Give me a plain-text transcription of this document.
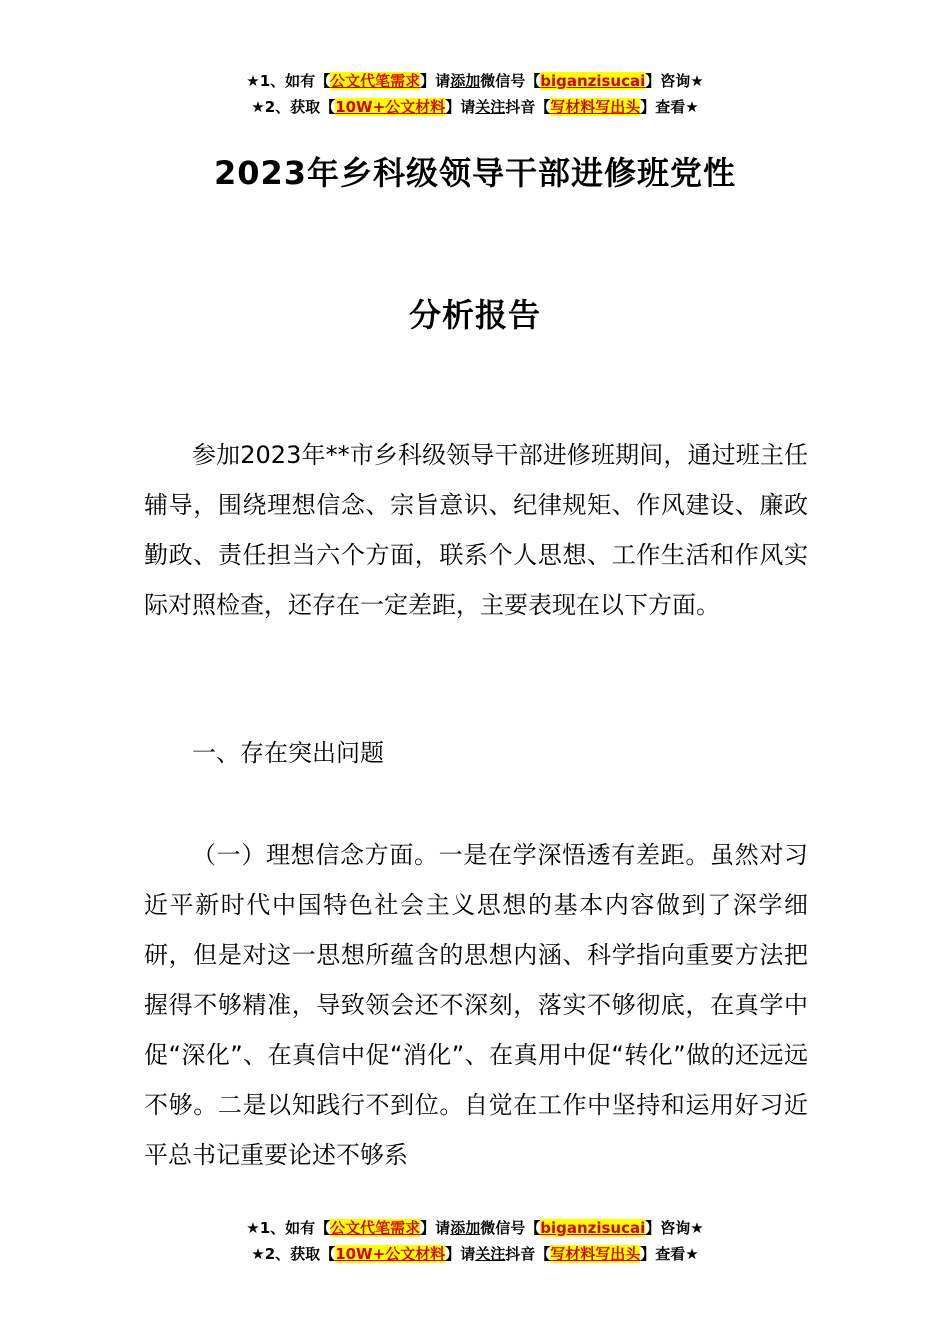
★1、如有【公文代笔需求】请添加微信号【biganzisucai】咨询★
★2、获取【10W+公文材料】请关注抖音【写材料写出头】查看★
2023年乡科级领导干部进修班党性
分析报告

参加2023年**市乡科级领导干部进修班期间，通过班主任辅导，围绕理想信念、宗旨意识、纪律规矩、作风建设、廉政勤政、责任担当六个方面，联系个人思想、工作生活和作风实际对照检查，还存在一定差距，主要表现在以下方面。

一、存在突出问题

（一）理想信念方面。一是在学深悟透有差距。虽然对习近平新时代中国特色社会主义思想的基本内容做到了深学细研，但是对这一思想所蕴含的思想内涵、科学指向重要方法把握得不够精准，导致领会还不深刻，落实不够彻底，在真学中促“深化”、在真信中促“消化”、在真用中促“转化”做的还远远不够。二是以知践行不到位。自觉在工作中坚持和运用好习近平总书记重要论述不够系

★1、如有【公文代笔需求】请添加微信号【biganzisucai】咨询★
★2、获取【10W+公文材料】请关注抖音【写材料写出头】查看★
